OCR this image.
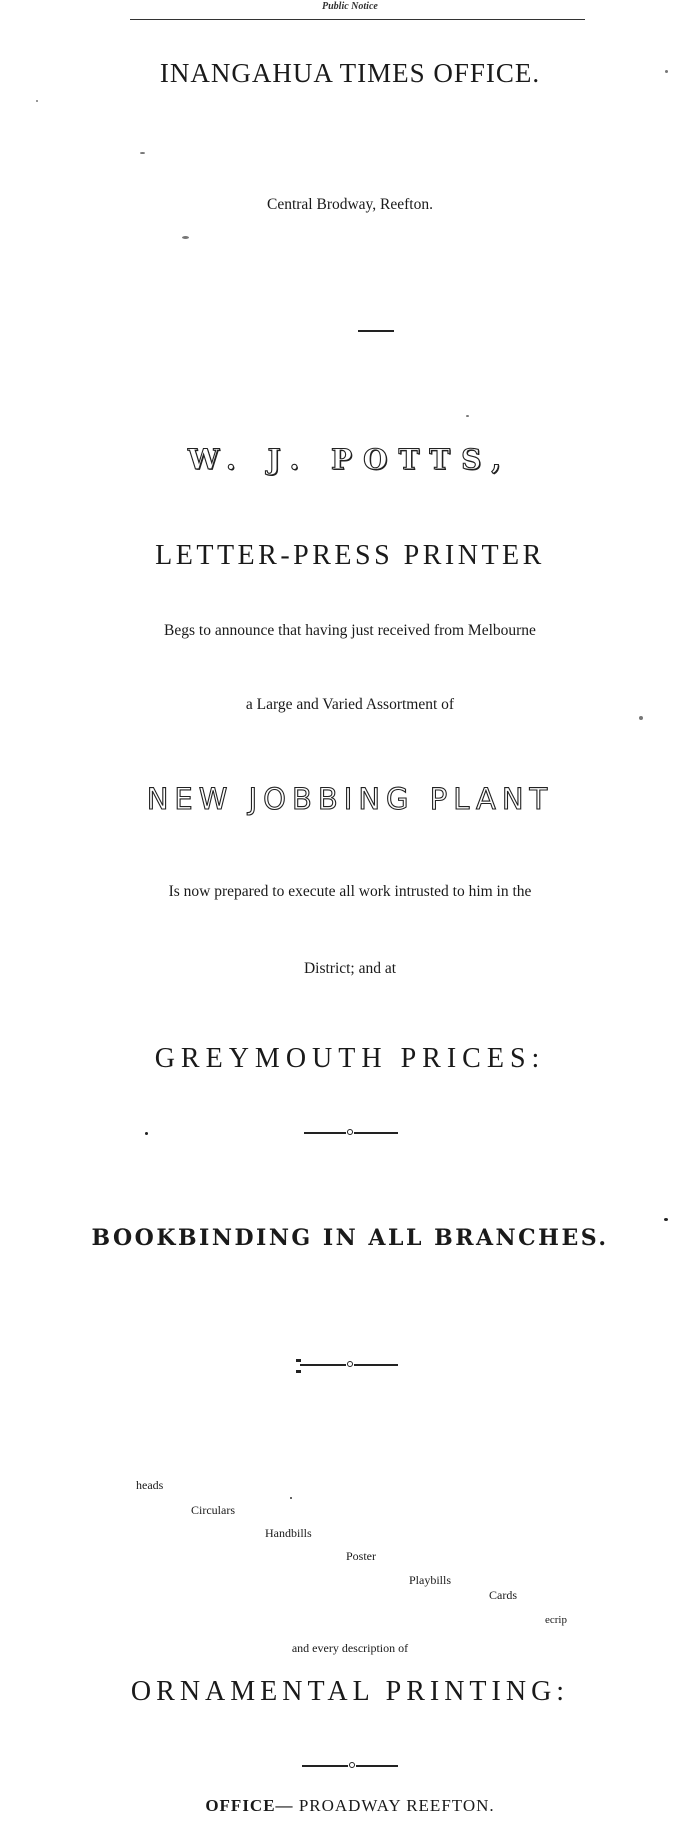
Public Notice
INANGAHUA TIMES OFFICE.
Central Brodway, Reefton.
W. J. POTTS,
LETTER-PRESS PRINTER
Begs to announce that having just received from Melbourne
a Large and Varied Assortment of
NEW JOBBING PLANT
Is now prepared to execute all work intrusted to him in the
District; and at
GREYMOUTH PRICES:
BOOKBINDING IN ALL BRANCHES.
heads
Circulars
Handbills
Poster
Playbills
Cards
ecrip
and every description of
ORNAMENTAL PRINTING:
OFFICE— PROADWAY REEFTON.
